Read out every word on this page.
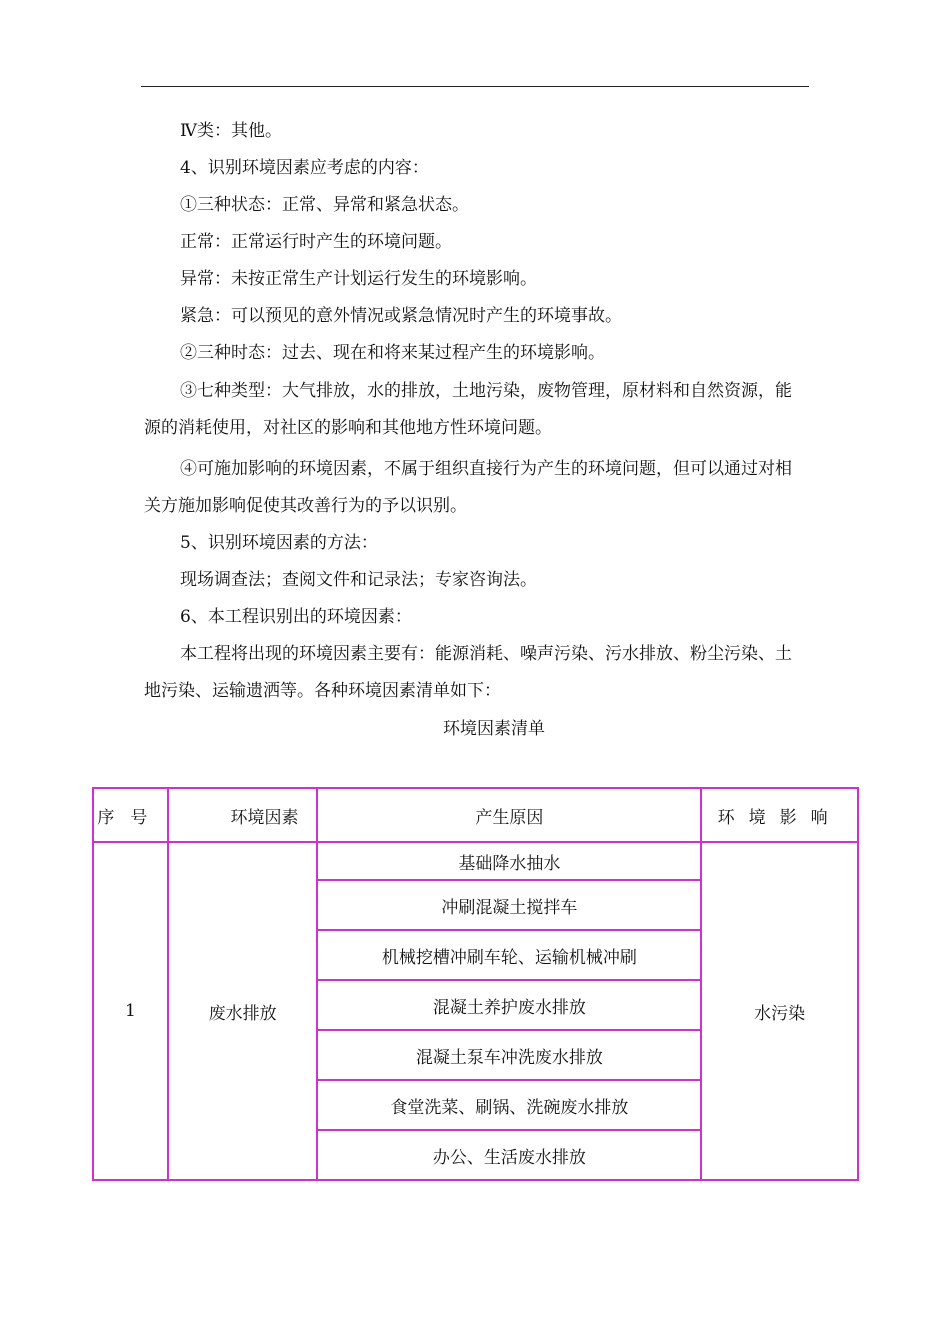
Ⅳ类：其他。

4、识别环境因素应考虑的内容：

①三种状态：正常、异常和紧急状态。

正常：正常运行时产生的环境问题。

异常：未按正常生产计划运行发生的环境影响。

紧急：可以预见的意外情况或紧急情况时产生的环境事故。

②三种时态：过去、现在和将来某过程产生的环境影响。

③七种类型：大气排放，水的排放，土地污染，废物管理，原材料和自然资源，能源的消耗使用，对社区的影响和其他地方性环境问题。

④可施加影响的环境因素，不属于组织直接行为产生的环境问题，但可以通过对相关方施加影响促使其改善行为的予以识别。

5、识别环境因素的方法：

现场调查法；查阅文件和记录法；专家咨询法。

6、本工程识别出的环境因素：

本工程将出现的环境因素主要有：能源消耗、噪声污染、污水排放、粉尘污染、土地污染、运输遗洒等。各种环境因素清单如下：

环境因素清单
序号	环境因素	产生原因	环境影响
1	废水排放	基础降水抽水	水污染
		冲刷混凝土搅拌车	
		机械挖槽冲刷车轮、运输机械冲刷	
		混凝土养护废水排放	
		混凝土泵车冲洗废水排放	
		食堂洗菜、刷锅、洗碗废水排放	
		办公、生活废水排放	
